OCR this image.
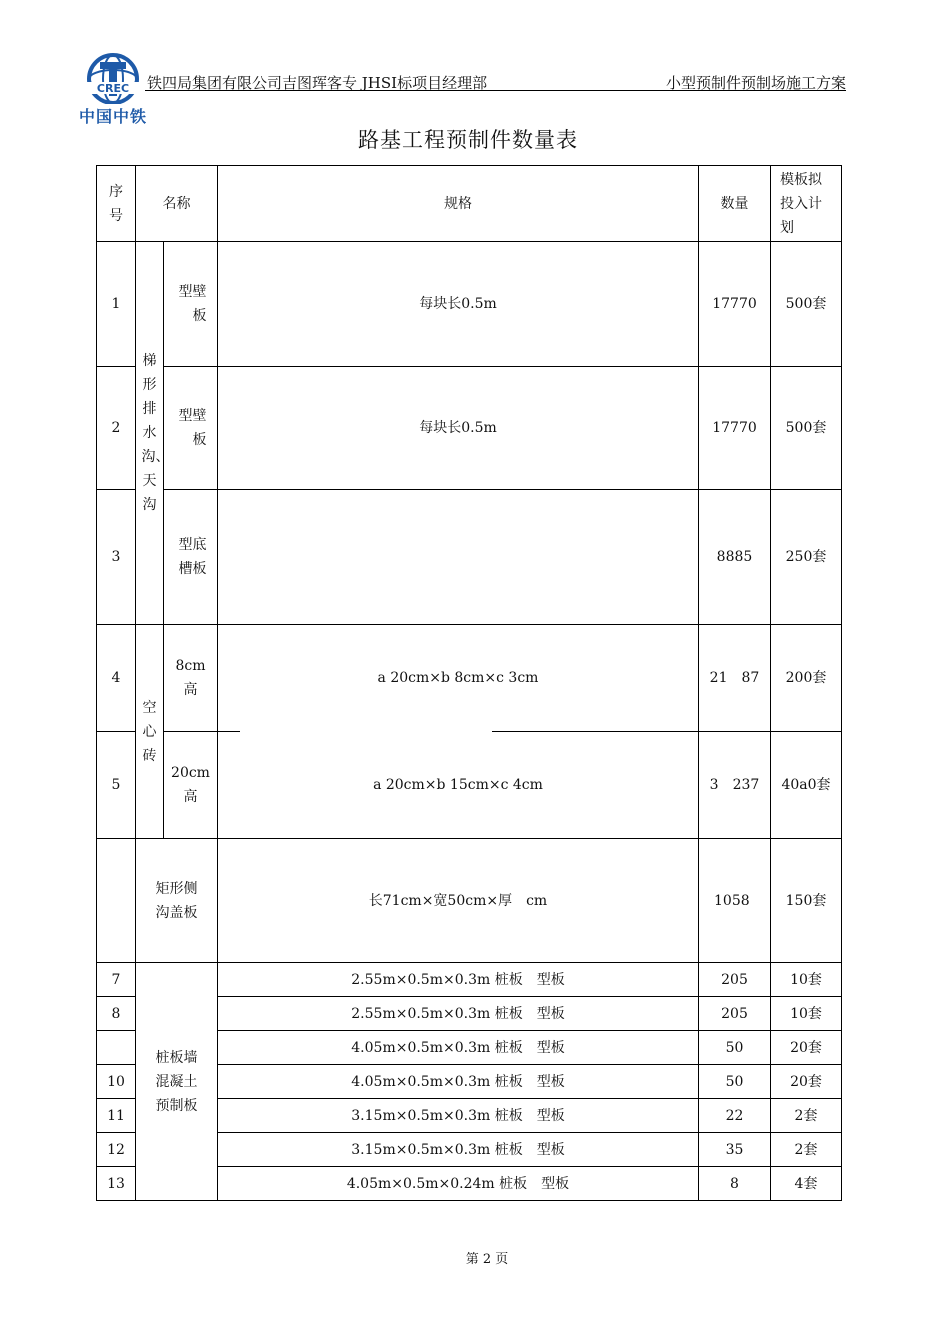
CREC
中国中铁
铁四局集团有限公司吉图珲客专 JHSⅠ标项目经理部	小型预制件预制场施工方案
路基工程预制件数量表
序号	名称		规格	数量	模板拟投入计划

1	梯形排水沟、天沟	型壁板	每块长0.5m	17770	500套
2		型壁板	每块长0.5m	17770	500套
3		型底槽板		8885	250套
4	空心砖	8cm高	a 20cm×b 8cm×c 3cm	21　87	200套
5		20cm高	a 20cm×b 15cm×c 4cm	3　237	40a0套

	矩形侧沟盖板		长71cm×宽50cm×厚　cm	1058	150套
7	桩板墙混凝土预制板		2.55m×0.5m×0.3m 桩板　型板	205	10套
8			2.55m×0.5m×0.3m 桩板　型板	205	10套
			4.05m×0.5m×0.3m 桩板　型板	50	20套
10			4.05m×0.5m×0.3m 桩板　型板	50	20套
11			3.15m×0.5m×0.3m 桩板　型板	22	2套
12			3.15m×0.5m×0.3m 桩板　型板	35	2套
13			4.05m×0.5m×0.24m 桩板　型板	8	4套
第 2 页
